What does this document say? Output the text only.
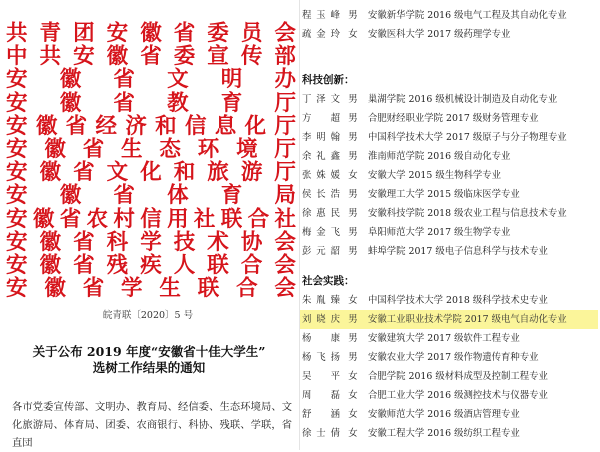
共 青 团 安 徽 省 委 员 会
中 共 安 徽 省 委 宣 传 部
安 徽 省 文 明 办
安 徽 省 教 育 厅
安 徽 省 经 济 和 信 息 化 厅
安 徽 省 生 态 环 境 厅
安 徽 省 文 化 和 旅 游 厅
安 徽 省 体 育 局
安 徽 省 农 村 信 用 社 联 合 社
安 徽 省 科 学 技 术 协 会
安 徽 省 残 疾 人 联 合 会
安 徽 省 学 生 联 合 会
皖青联〔2020〕5 号
关于公布 2019 年度“安徽省十佳大学生”
选树工作结果的通知
各市党委宣传部、文明办、教育局、经信委、生态环境局、文化旅游局、体育局、团委、农商银行、科协、残联、学联，省直団
程玉峰 男 安徽新华学院 2016 级电气工程及其自动化专业
疏金玲 女 安徽医科大学 2017 级药理学专业
科技创新：
丁泽文 男 巢湖学院 2016 级机械设计制造及自动化专业
方超 男 合肥财经职业学院 2017 级财务管理专业
李明翰 男 中国科学技术大学 2017 级原子与分子物理专业
余礼鑫 男 淮南师范学院 2016 级自动化专业
张姝媛 女 安徽大学 2015 级生物科学专业
侯长浩 男 安徽理工大学 2015 级临床医学专业
徐惠民 男 安徽科技学院 2018 级农业工程与信息技术专业
梅金飞 男 阜阳师范大学 2017 级生物学专业
彭元韶 男 蚌埠学院 2017 级电子信息科学与技术专业
社会实践：
朱胤臻 女 中国科学技术大学 2018 级科学技术史专业
刘晓庆 男 安徽工业职业技术学院 2017 级电气自动化专业
杨康 男 安徽建筑大学 2017 级软件工程专业
杨飞扬 男 安徽农业大学 2017 级作物遗传育种专业
吴平 女 合肥学院 2016 级材料成型及控制工程专业
周磊 女 合肥工业大学 2016 级测控技术与仪器专业
舒涵 女 安徽师范大学 2016 级酒店管理专业
徐士倩 女 安徽工程大学 2016 级纺织工程专业
